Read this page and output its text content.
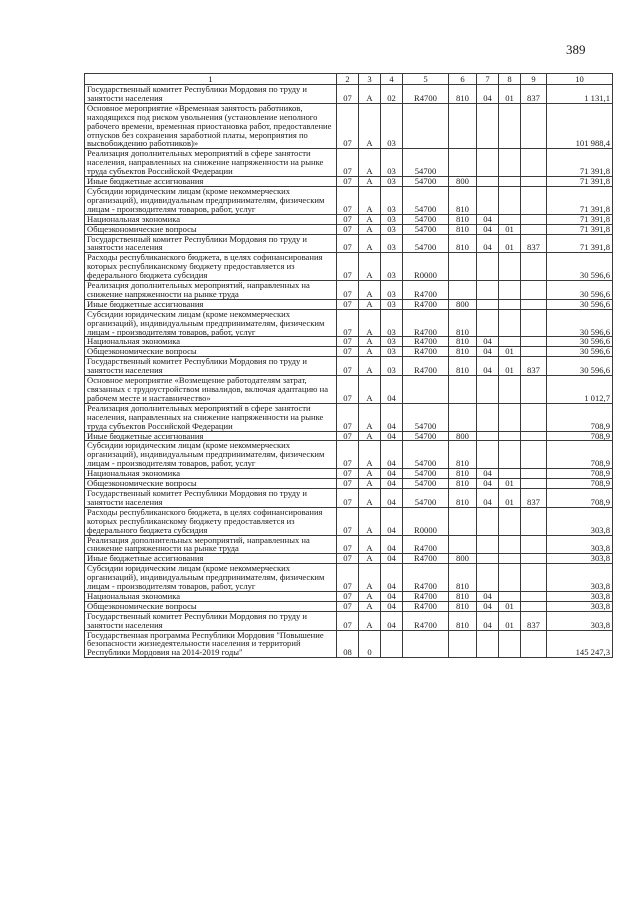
389
1	2	3	4	5	6	7	8	9	10
Государственный комитет Республики Мордовия по труду и занятости населения	07	А	02	R4700	810	04	01	837	1 131,1
Основное мероприятие «Временная занятость работников, находящихся под риском увольнения (установление неполного рабочего времени, временная приостановка работ, предоставление отпусков без сохранения заработной платы, мероприятия по высвобождению работников)»	07	А	03						101 988,4
Реализация дополнительных мероприятий в сфере занятости населения, направленных на снижение напряженности на рынке труда субъектов Российской Федерации	07	А	03	54700					71 391,8
Иные бюджетные ассигнования	07	А	03	54700	800				71 391,8
Субсидии юридическим лицам (кроме некоммерческих организаций), индивидуальным предпринимателям, физическим лицам - производителям товаров, работ, услуг	07	А	03	54700	810				71 391,8
Национальная экономика	07	А	03	54700	810	04			71 391,8
Общеэкономические вопросы	07	А	03	54700	810	04	01		71 391,8
Государственный комитет Республики Мордовия по труду и занятости населения	07	А	03	54700	810	04	01	837	71 391,8
Расходы республиканского бюджета, в целях софинансирования которых республиканскому бюджету предоставляется из федерального бюджета субсидия	07	А	03	R0000					30 596,6
Реализация дополнительных мероприятий, направленных на снижение напряженности на рынке труда	07	А	03	R4700					30 596,6
Иные бюджетные ассигнования	07	А	03	R4700	800				30 596,6
Субсидии юридическим лицам (кроме некоммерческих организаций), индивидуальным предпринимателям, физическим лицам - производителям товаров, работ, услуг	07	А	03	R4700	810				30 596,6
Национальная экономика	07	А	03	R4700	810	04			30 596,6
Общеэкономические вопросы	07	А	03	R4700	810	04	01		30 596,6
Государственный комитет Республики Мордовия по труду и занятости населения	07	А	03	R4700	810	04	01	837	30 596,6
Основное мероприятие «Возмещение работодателям затрат, связанных с трудоустройством инвалидов, включая адаптацию на рабочем месте и наставничество»	07	А	04						1 012,7
Реализация дополнительных мероприятий в сфере занятости населения, направленных на снижение напряженности на рынке труда субъектов Российской Федерации	07	А	04	54700					708,9
Иные бюджетные ассигнования	07	А	04	54700	800				708,9
Субсидии юридическим лицам (кроме некоммерческих организаций), индивидуальным предпринимателям, физическим лицам - производителям товаров, работ, услуг	07	А	04	54700	810				708,9
Национальная экономика	07	А	04	54700	810	04			708,9
Общеэкономические вопросы	07	А	04	54700	810	04	01		708,9
Государственный комитет Республики Мордовия по труду и занятости населения	07	А	04	54700	810	04	01	837	708,9
Расходы республиканского бюджета, в целях софинансирования которых республиканскому бюджету предоставляется из федерального бюджета субсидия	07	А	04	R0000					303,8
Реализация дополнительных мероприятий, направленных на снижение напряженности на рынке труда	07	А	04	R4700					303,8
Иные бюджетные ассигнования	07	А	04	R4700	800				303,8
Субсидии юридическим лицам (кроме некоммерческих организаций), индивидуальным предпринимателям, физическим лицам - производителям товаров, работ, услуг	07	А	04	R4700	810				303,8
Национальная экономика	07	А	04	R4700	810	04			303,8
Общеэкономические вопросы	07	А	04	R4700	810	04	01		303,8
Государственный комитет Республики Мордовия по труду и занятости населения	07	А	04	R4700	810	04	01	837	303,8
Государственная программа Республики Мордовия "Повышение безопасности жизнедеятельности населения и территорий Республики Мордовия на 2014-2019 годы"	08	0							145 247,3
